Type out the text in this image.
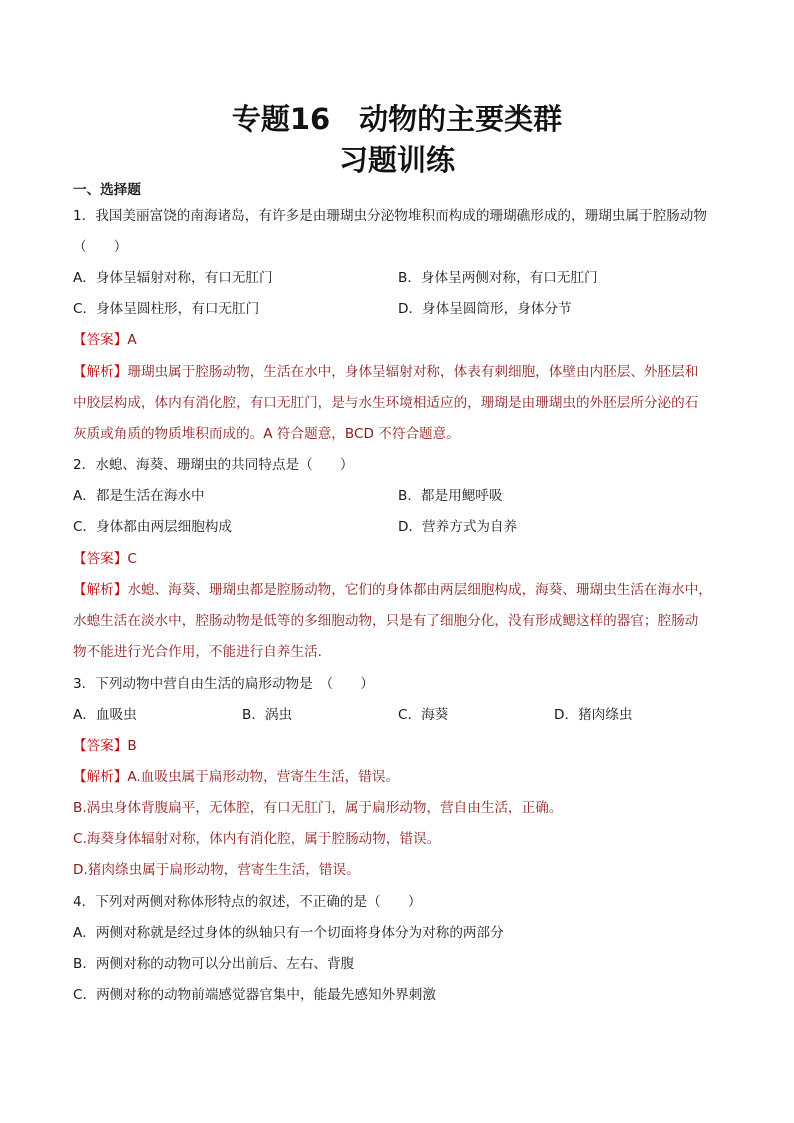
专题16　动物的主要类群
习题训练
一、选择题
1．我国美丽富饶的南海诸岛，有许多是由珊瑚虫分泌物堆积而构成的珊瑚礁形成的，珊瑚虫属于腔肠动物
（　　）
A．身体呈辐射对称，有口无肛门	B．身体呈两侧对称，有口无肛门
C．身体呈圆柱形，有口无肛门	D．身体呈圆筒形，身体分节
【答案】A
【解析】珊瑚虫属于腔肠动物，生活在水中，身体呈辐射对称，体表有刺细胞，体壁由内胚层、外胚层和
中胶层构成，体内有消化腔，有口无肛门，是与水生环境相适应的，珊瑚是由珊瑚虫的外胚层所分泌的石
灰质或角质的物质堆积而成的。A 符合题意，BCD 不符合题意。
2．水螅、海葵、珊瑚虫的共同特点是（　　）
A．都是生活在海水中	B．都是用鳃呼吸
C．身体都由两层细胞构成	D．营养方式为自养
【答案】C
【解析】水螅、海葵、珊瑚虫都是腔肠动物，它们的身体都由两层细胞构成，海葵、珊瑚虫生活在海水中，
水螅生活在淡水中，腔肠动物是低等的多细胞动物，只是有了细胞分化，没有形成鳃这样的器官；腔肠动
物不能进行光合作用，不能进行自养生活．
3．下列动物中营自由生活的扁形动物是　（　　）
A．血吸虫	B．涡虫	C．海葵	D．猪肉绦虫
【答案】B
【解析】A.血吸虫属于扁形动物，营寄生生活，错误。
B.涡虫身体背腹扁平，无体腔，有口无肛门，属于扁形动物，营自由生活，正确。
C.海葵身体辐射对称，体内有消化腔，属于腔肠动物，错误。
D.猪肉绦虫属于扁形动物，营寄生生活，错误。
4．下列对两侧对称体形特点的叙述，不正确的是（　　）
A．两侧对称就是经过身体的纵轴只有一个切面将身体分为对称的两部分
B．两侧对称的动物可以分出前后、左右、背腹
C．两侧对称的动物前端感觉器官集中，能最先感知外界刺激
